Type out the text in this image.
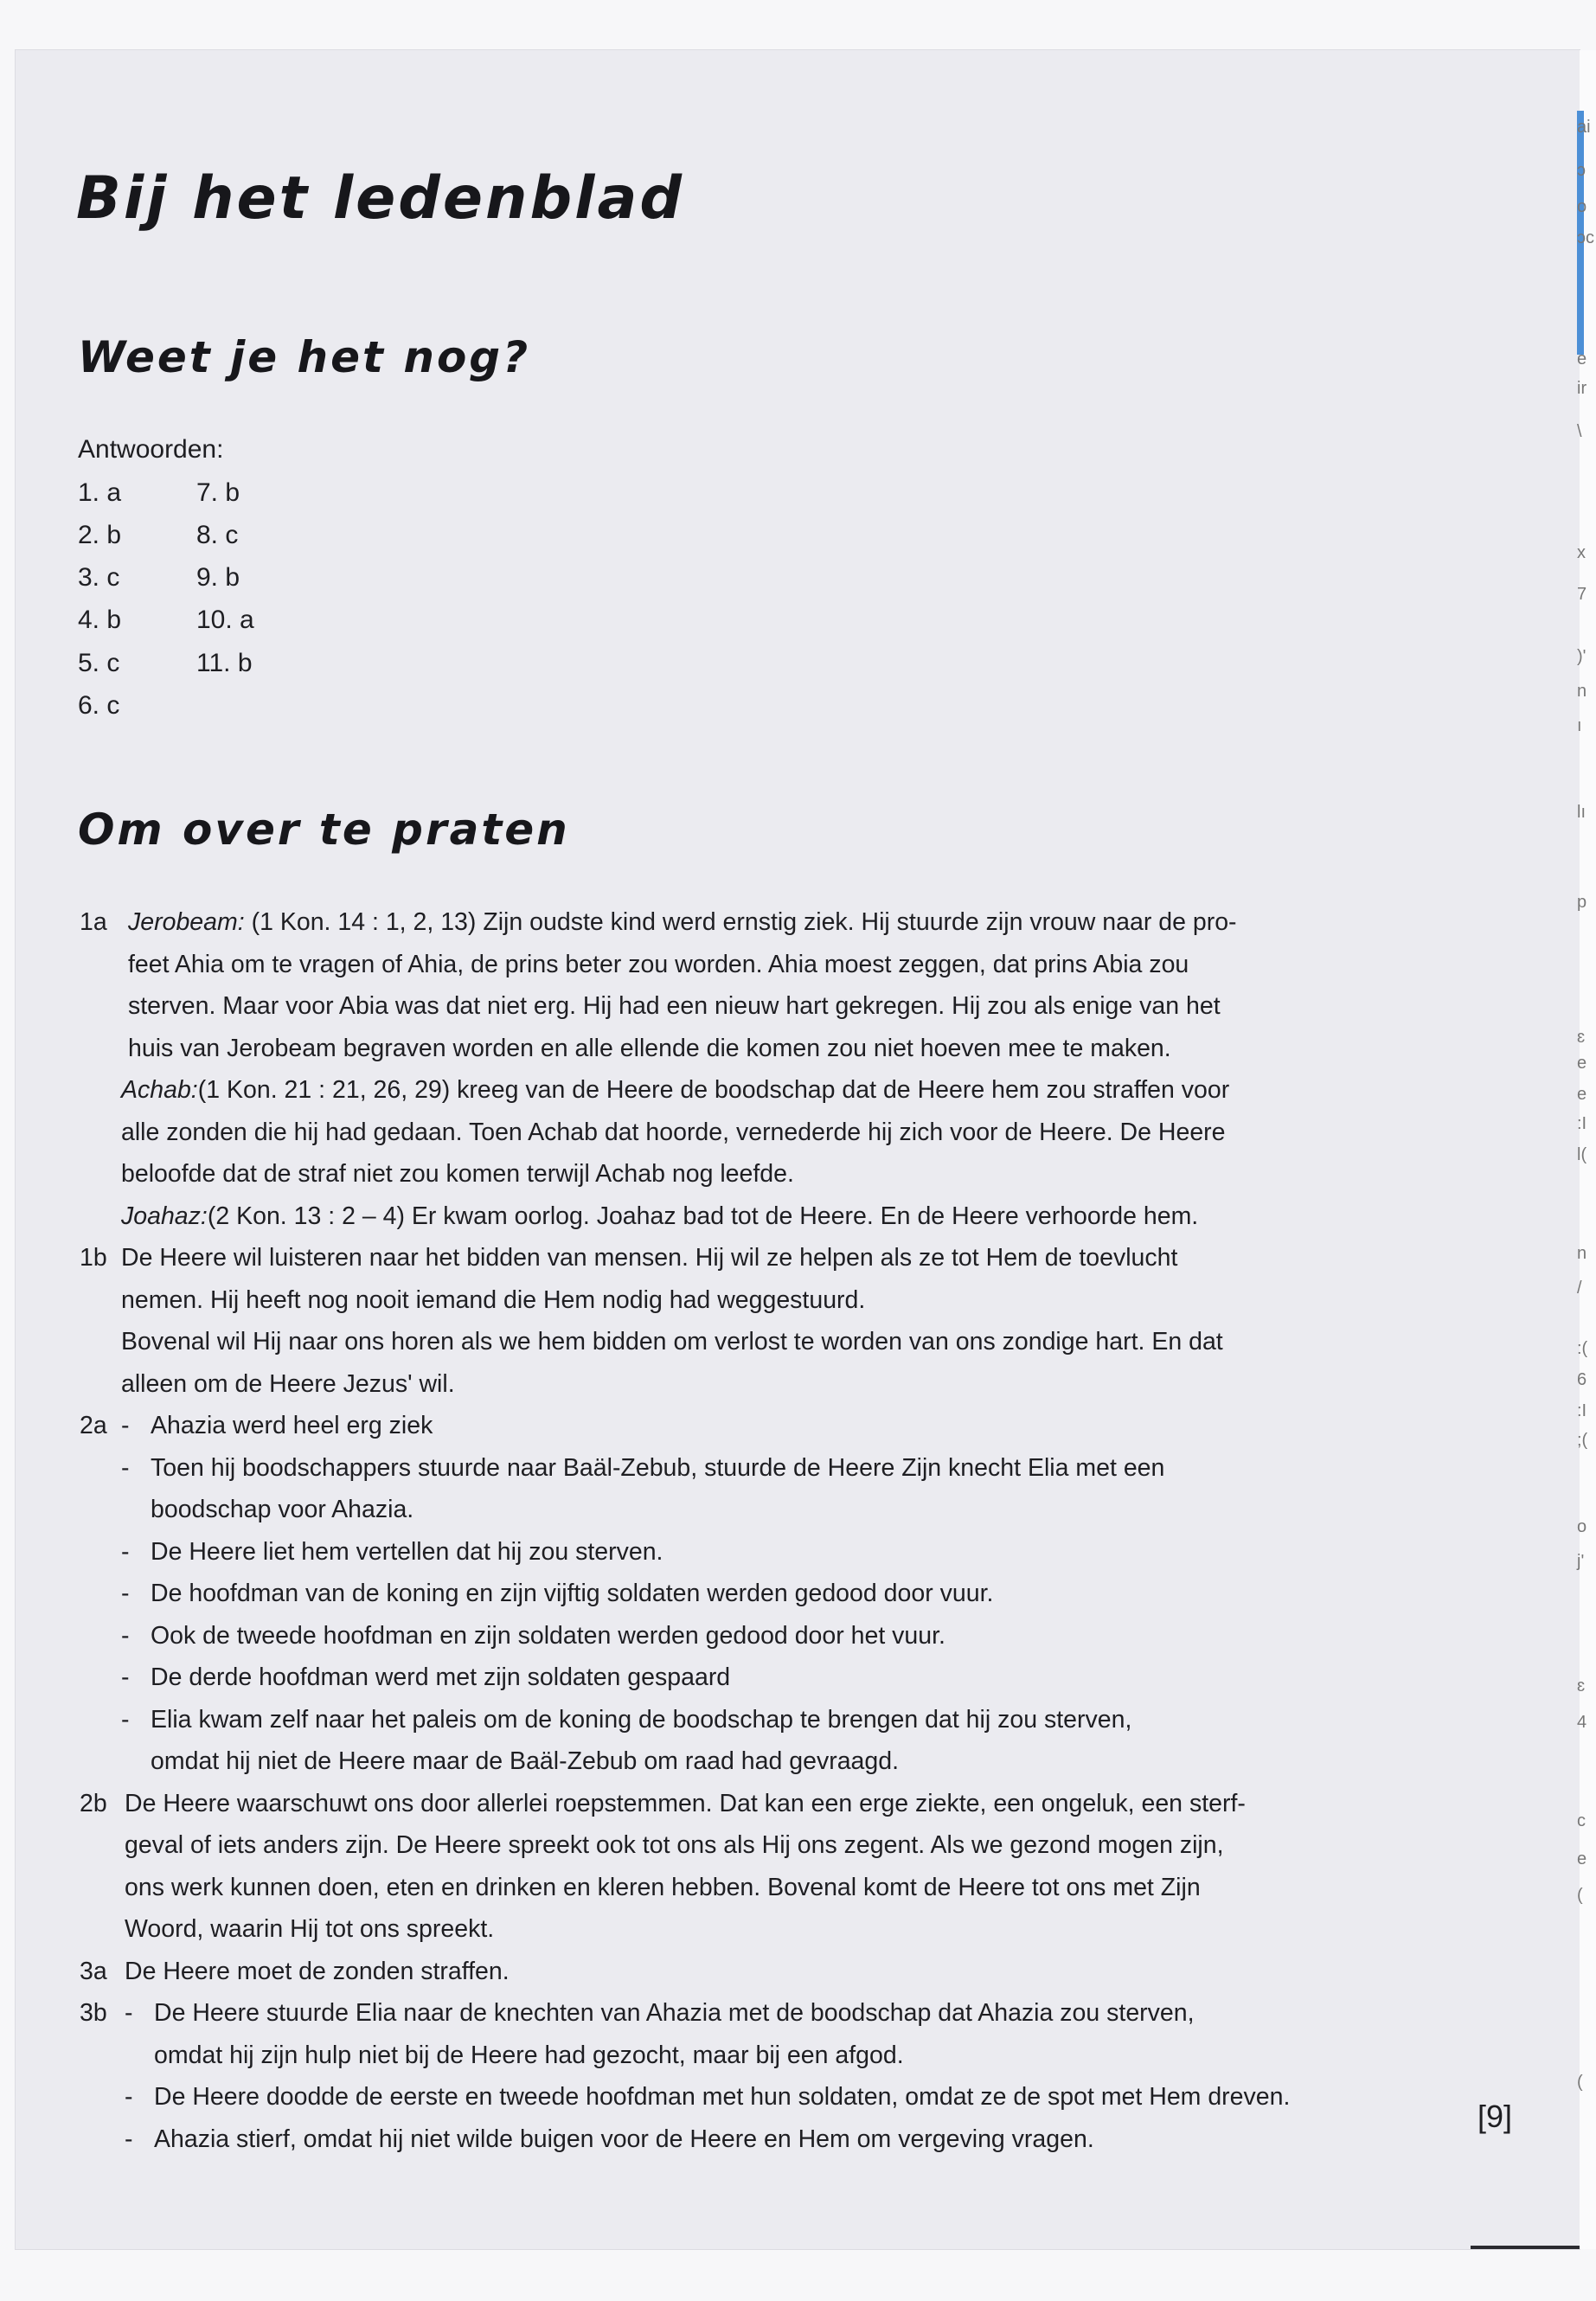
ai
ɔ
o
ɔc
e
ir
\
x
7
)'
n
ı
lı
p
ɛ
e
e
:I
l(
n
/
:(
6
:I
;(
o
j'
ɛ
4
c
e
(
(
Bij het ledenblad
Weet je het nog?
Antwoorden:
1. a
2. b
3. c
4. b
5. c
6. c
7. b
8. c
9. b
10. a
11. b
Om over te praten
1a Jerobeam: (1 Kon. 14 : 1, 2, 13) Zijn oudste kind werd ernstig ziek. Hij stuurde zijn vrouw naar de pro-
feet Ahia om te vragen of Ahia, de prins beter zou worden. Ahia moest zeggen, dat prins Abia zou
sterven. Maar voor Abia was dat niet erg. Hij had een nieuw hart gekregen. Hij zou als enige van het
huis van Jerobeam begraven worden en alle ellende die komen zou niet hoeven mee te maken.
Achab: (1 Kon. 21 : 21, 26, 29) kreeg van de Heere de boodschap dat de Heere hem zou straffen voor
alle zonden die hij had gedaan. Toen Achab dat hoorde, vernederde hij zich voor de Heere. De Heere
beloofde dat de straf niet zou komen terwijl Achab nog leefde.
Joahaz: (2 Kon. 13 : 2 – 4) Er kwam oorlog. Joahaz bad tot de Heere. En de Heere verhoorde hem.
1b De Heere wil luisteren naar het bidden van mensen. Hij wil ze helpen als ze tot Hem de toevlucht
nemen. Hij heeft nog nooit iemand die Hem nodig had weggestuurd.
Bovenal wil Hij naar ons horen als we hem bidden om verlost te worden van ons zondige hart. En dat
alleen om de Heere Jezus' wil.
2a - Ahazia werd heel erg ziek
- Toen hij boodschappers stuurde naar Baäl-Zebub, stuurde de Heere Zijn knecht Elia met een
boodschap voor Ahazia.
- De Heere liet hem vertellen dat hij zou sterven.
- De hoofdman van de koning en zijn vijftig soldaten werden gedood door vuur.
- Ook de tweede hoofdman en zijn soldaten werden gedood door het vuur.
- De derde hoofdman werd met zijn soldaten gespaard
- Elia kwam zelf naar het paleis om de koning de boodschap te brengen dat hij zou sterven,
omdat hij niet de Heere maar de Baäl-Zebub om raad had gevraagd.
2b De Heere waarschuwt ons door allerlei roepstemmen. Dat kan een erge ziekte, een ongeluk, een sterf-
geval of iets anders zijn. De Heere spreekt ook tot ons als Hij ons zegent. Als we gezond mogen zijn,
ons werk kunnen doen, eten en drinken en kleren hebben. Bovenal komt de Heere tot ons met Zijn
Woord, waarin Hij tot ons spreekt.
3a De Heere moet de zonden straffen.
3b - De Heere stuurde Elia naar de knechten van Ahazia met de boodschap dat Ahazia zou sterven,
omdat hij zijn hulp niet bij de Heere had gezocht, maar bij een afgod.
- De Heere doodde de eerste en tweede hoofdman met hun soldaten, omdat ze de spot met Hem dreven.
- Ahazia stierf, omdat hij niet wilde buigen voor de Heere en Hem om vergeving vragen.
[9]
